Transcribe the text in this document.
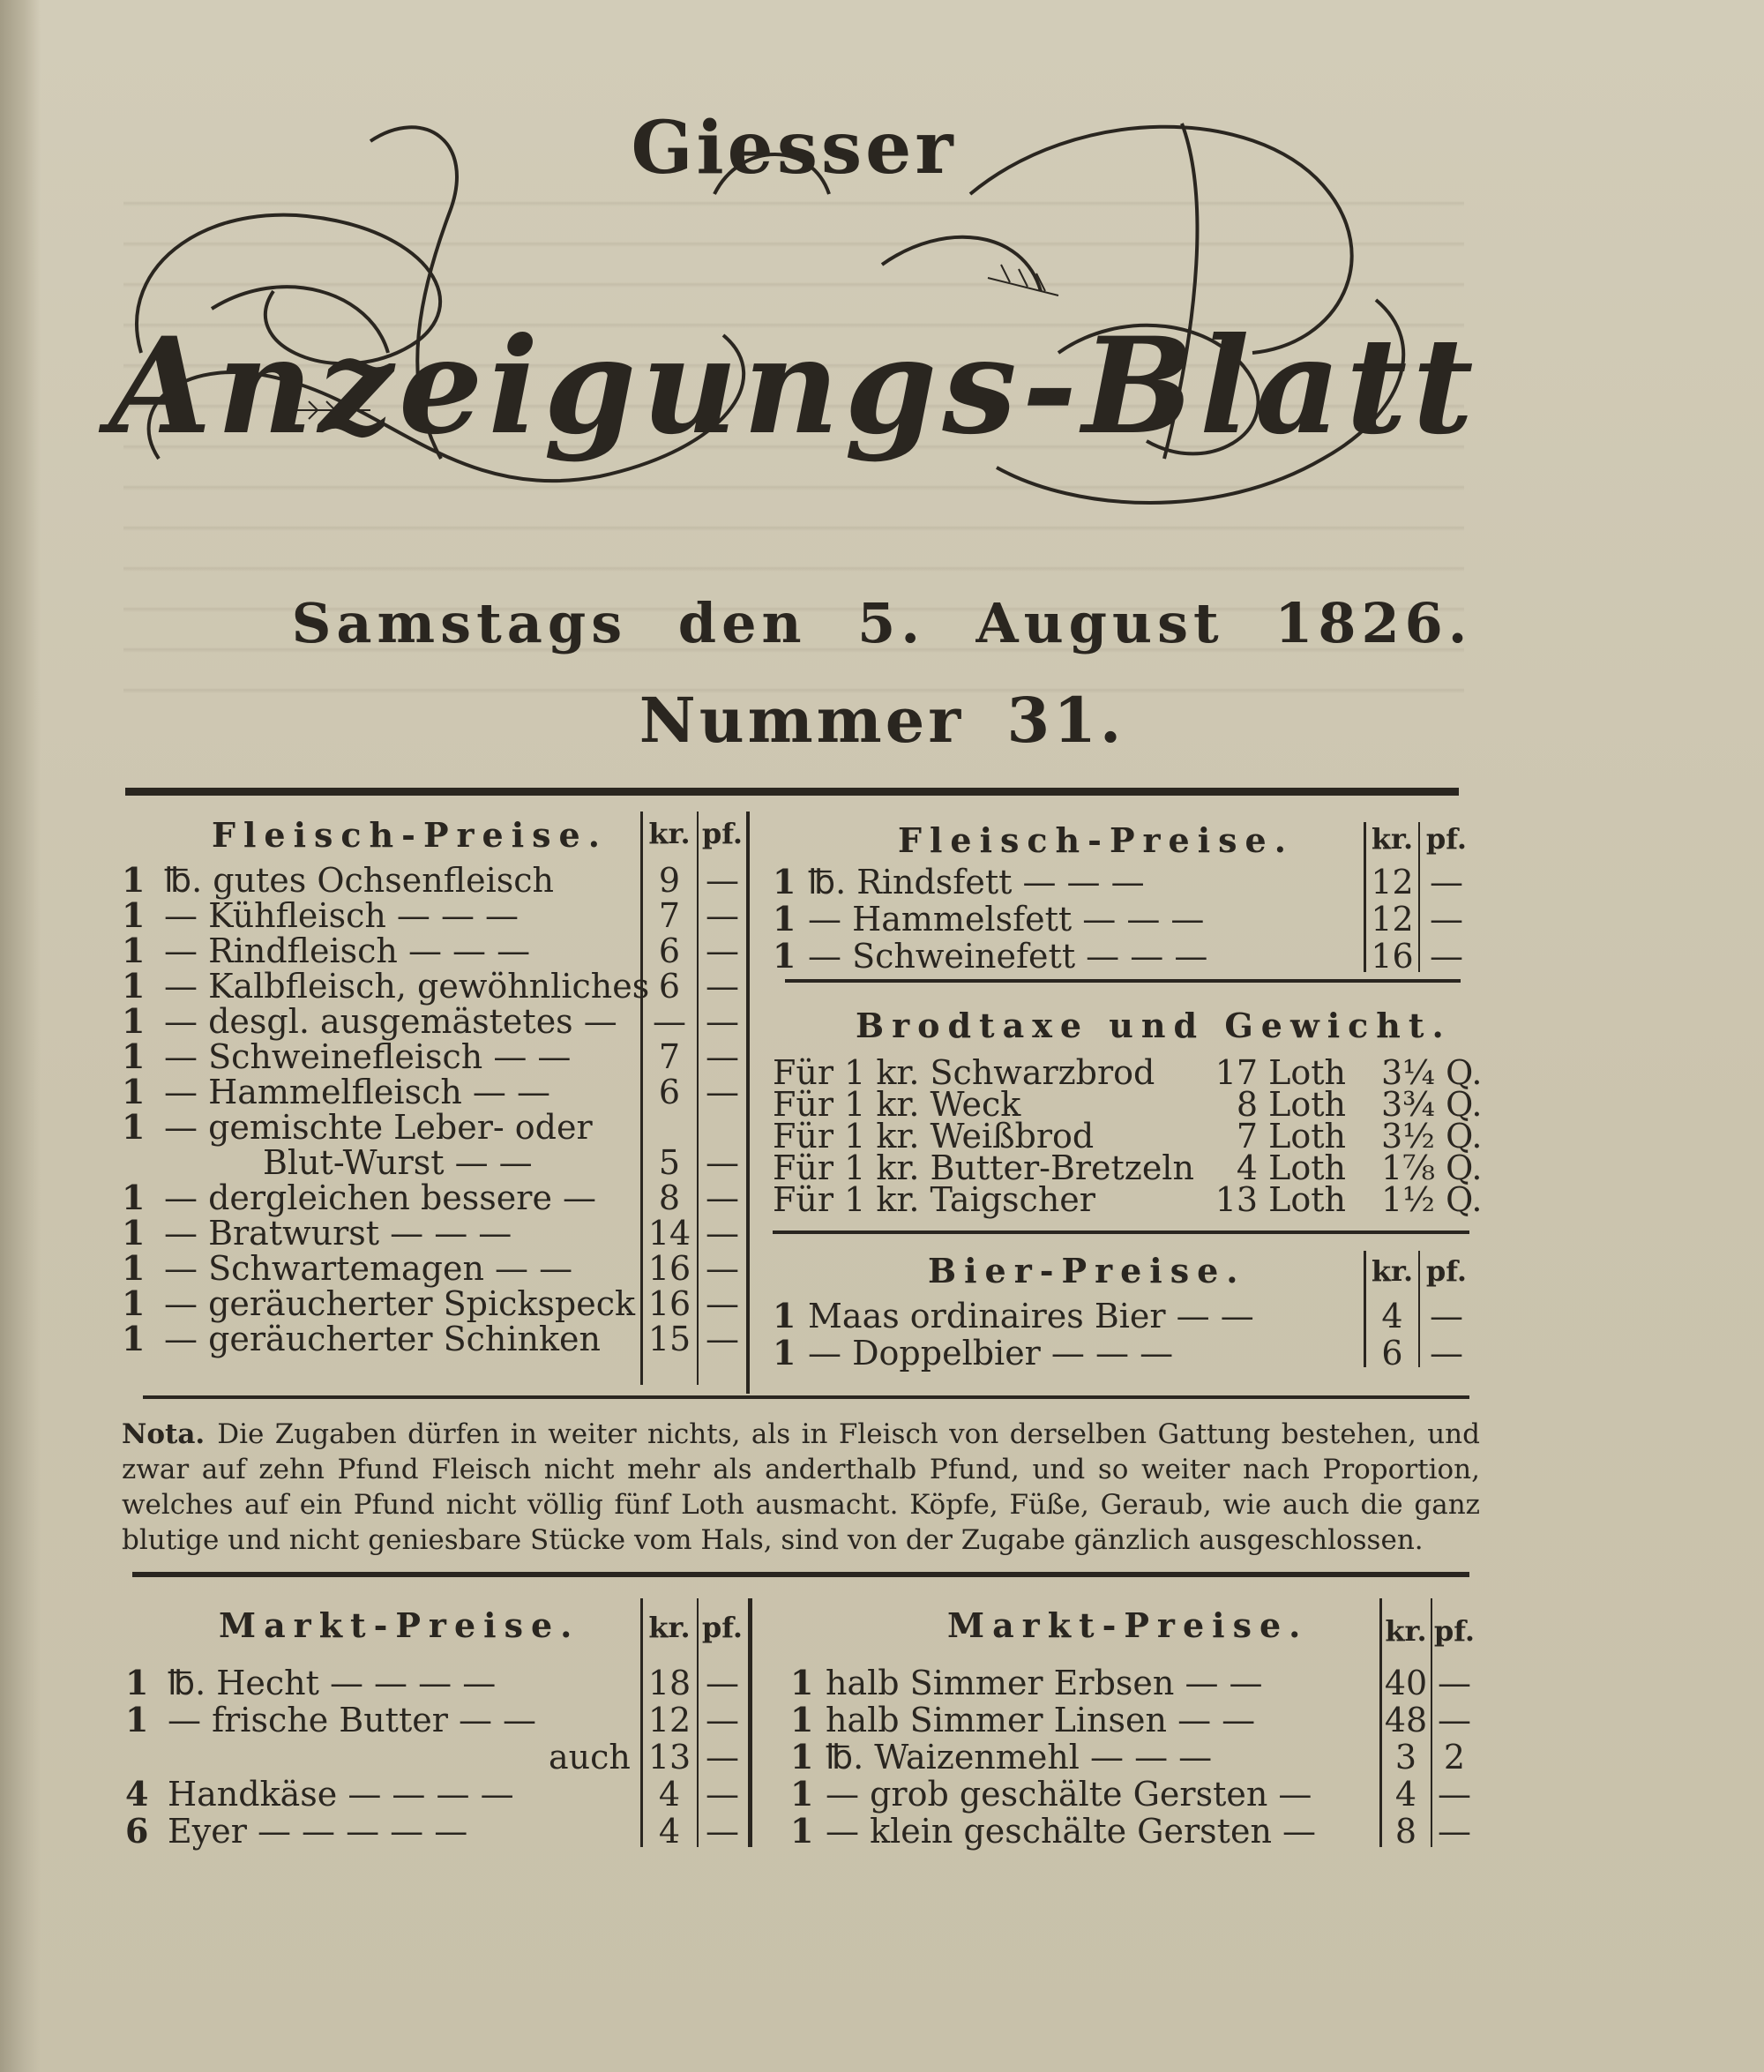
Giesser
Anzeigungs-Blatt
Samstags den 5. August 1826.
Nummer 31.
Fleisch-Preise. kr. pf.
1 ℔. gutes Ochsenfleisch	9 —
1 — Kühfleisch — — —	7 —
1 — Rindfleisch — — —	6 —
1 — Kalbfleisch, gewöhnliches 6 —
1 — desgl. ausgemästetes —	— —
1 — Schweinefleisch — —	7 —
1 — Hammelfleisch — —	6 —
1 — gemischte Leber- oder
Blut-Wurst — —	5 —
1 — dergleichen bessere —	8 —
1 — Bratwurst — — —	14 —
1 — Schwartemagen — — 16 —
1 — geräucherter Spickspeck 16 —
1 — geräucherter Schinken 15 —
Fleisch-Preise.	kr. pf.
1 ℔. Rindsfett — — —	12 —
1 — Hammelsfett — — —	12 —
1 — Schweinefett — — —	16 —
Brodtaxe und Gewicht.
Für 1 kr. Schwarzbrod	17 Loth 3¼ Q.
Für 1 kr. Weck	8 Loth 3¾ Q.
Für 1 kr. Weißbrod	7 Loth 3½ Q.
Für 1 kr. Butter-Bretzeln	4 Loth 1⅞ Q.
Für 1 kr. Taigscher	13 Loth 1½ Q.
Bier-Preise.	kr. pf.
1 Maas ordinaires Bier — —	4 —
1 — Doppelbier — — —	6 —
Nota. Die Zugaben dürfen in weiter nichts, als in Fleisch von derselben Gattung bestehen, und zwar auf zehn Pfund Fleisch nicht mehr als anderthalb Pfund, und so weiter nach Proportion, welches auf ein Pfund nicht völlig fünf Loth ausmacht. Köpfe, Füße, Geraub, wie auch die ganz blutige und nicht geniesbare Stücke vom Hals, sind von der Zugabe gänzlich ausgeschlossen.
Markt-Preise. kr. pf.
1 ℔. Hecht — — — —	18 —
1 — frische Butter — —	12 —
auch 13 —
4 Handkäse — — — —	4 —
6 Eyer — — — — —	4 —
Markt-Preise.	kr. pf.
1 halb Simmer Erbsen — —	40 —
1 halb Simmer Linsen — —	48 —
1 ℔. Waizenmehl — — —	3 2
1 — grob geschälte Gersten —	4 —
1 — klein geschälte Gersten —	8 —
